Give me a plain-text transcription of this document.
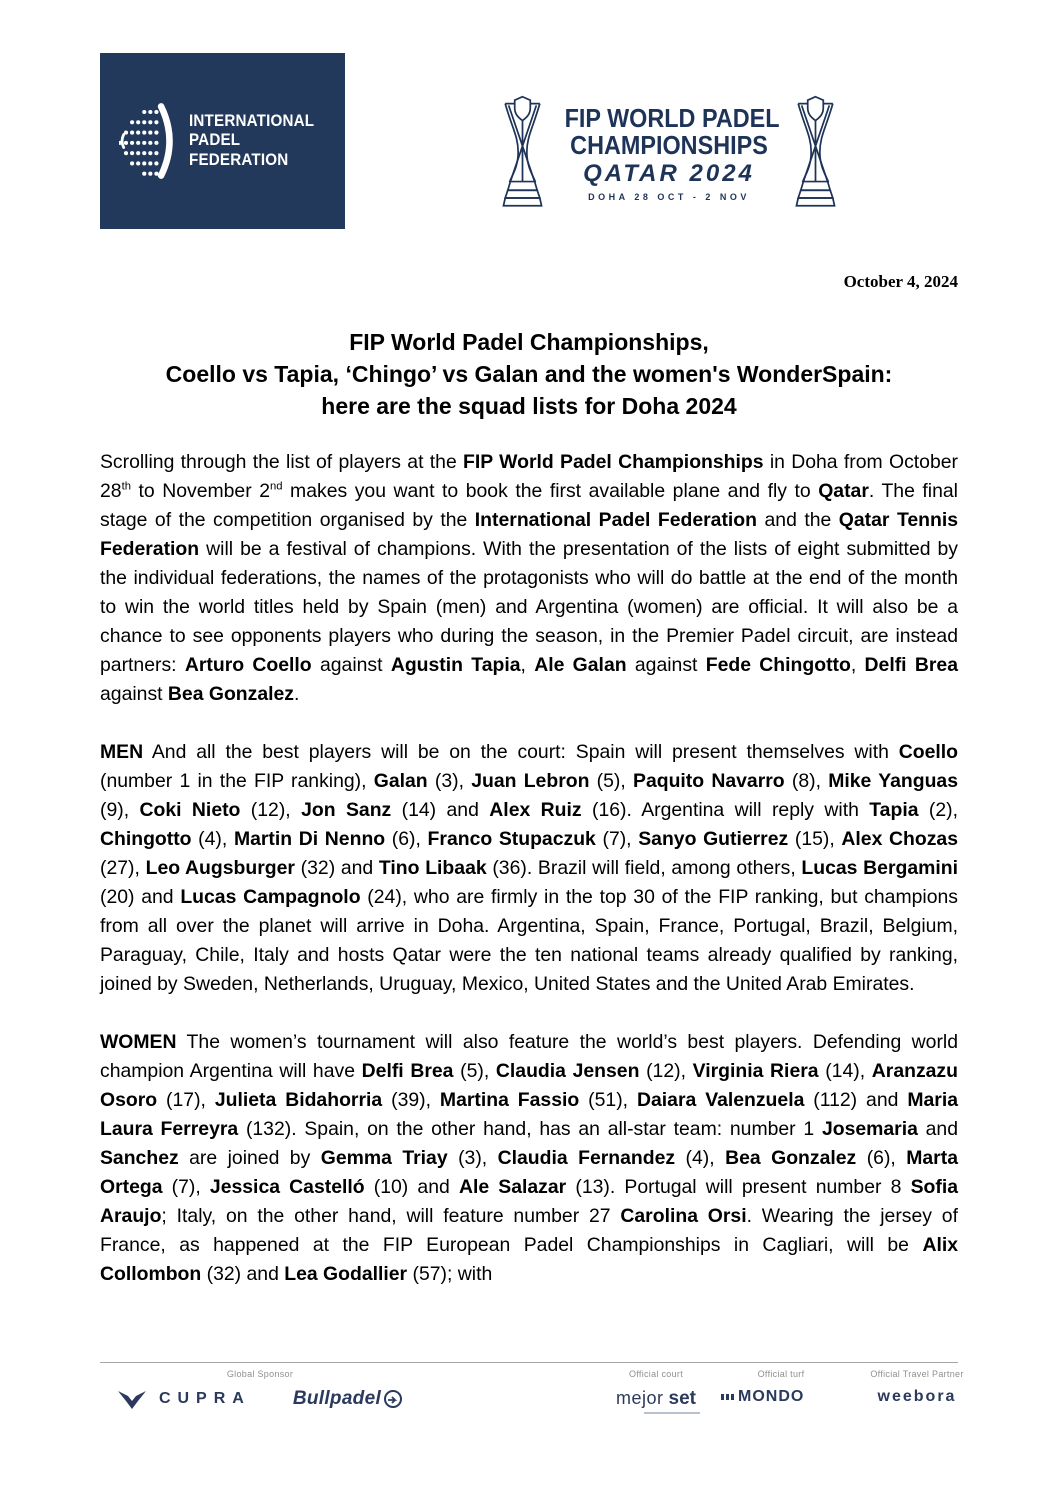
INTERNATIONAL
PADEL
FEDERATION
FIP WORLD PADEL
CHAMPIONSHIPS
QATAR 2024
DOHA 28 OCT - 2 NOV
October 4, 2024
FIP World Padel Championships,
Coello vs Tapia, ‘Chingo’ vs Galan and the women's WonderSpain:
here are the squad lists for Doha 2024

Scrolling through the list of players at the FIP World Padel Championships in Doha from October 28th to November 2nd makes you want to book the first available plane and fly to Qatar. The final stage of the competition organised by the International Padel Federation and the Qatar Tennis Federation will be a festival of champions. With the presentation of the lists of eight submitted by the individual federations, the names of the protagonists who will do battle at the end of the month to win the world titles held by Spain (men) and Argentina (women) are official. It will also be a chance to see opponents players who during the season, in the Premier Padel circuit, are instead partners: Arturo Coello against Agustin Tapia, Ale Galan against Fede Chingotto, Delfi Brea against Bea Gonzalez.

MEN And all the best players will be on the court: Spain will present themselves with Coello (number 1 in the FIP ranking), Galan (3), Juan Lebron (5), Paquito Navarro (8), Mike Yanguas (9), Coki Nieto (12), Jon Sanz (14) and Alex Ruiz (16). Argentina will reply with Tapia (2), Chingotto (4), Martin Di Nenno (6), Franco Stupaczuk (7), Sanyo Gutierrez (15), Alex Chozas (27), Leo Augsburger (32) and Tino Libaak (36). Brazil will field, among others, Lucas Bergamini (20) and Lucas Campagnolo (24), who are firmly in the top 30 of the FIP ranking, but champions from all over the planet will arrive in Doha. Argentina, Spain, France, Portugal, Brazil, Belgium, Paraguay, Chile, Italy and hosts Qatar were the ten national teams already qualified by ranking, joined by Sweden, Netherlands, Uruguay, Mexico, United States and the United Arab Emirates.

WOMEN The women’s tournament will also feature the world’s best players. Defending world champion Argentina will have Delfi Brea (5), Claudia Jensen (12), Virginia Riera (14), Aranzazu Osoro (17), Julieta Bidahorria (39), Martina Fassio (51), Daiara Valenzuela (112) and Maria Laura Ferreyra (132). Spain, on the other hand, has an all-star team: number 1 Josemaria and Sanchez are joined by Gemma Triay (3), Claudia Fernandez (4), Bea Gonzalez (6), Marta Ortega (7), Jessica Castelló (10) and Ale Salazar (13). Portugal will present number 8 Sofia Araujo; Italy, on the other hand, will feature number 27 Carolina Orsi. Wearing the jersey of France, as happened at the FIP European Padel Championships in Cagliari, will be Alix Collombon (32) and Lea Godallier (57); with

Global Sponsor
CUPRA Bullpadel
Official court
mejor set
Official turf
MONDO
Official Travel Partner
weebora
